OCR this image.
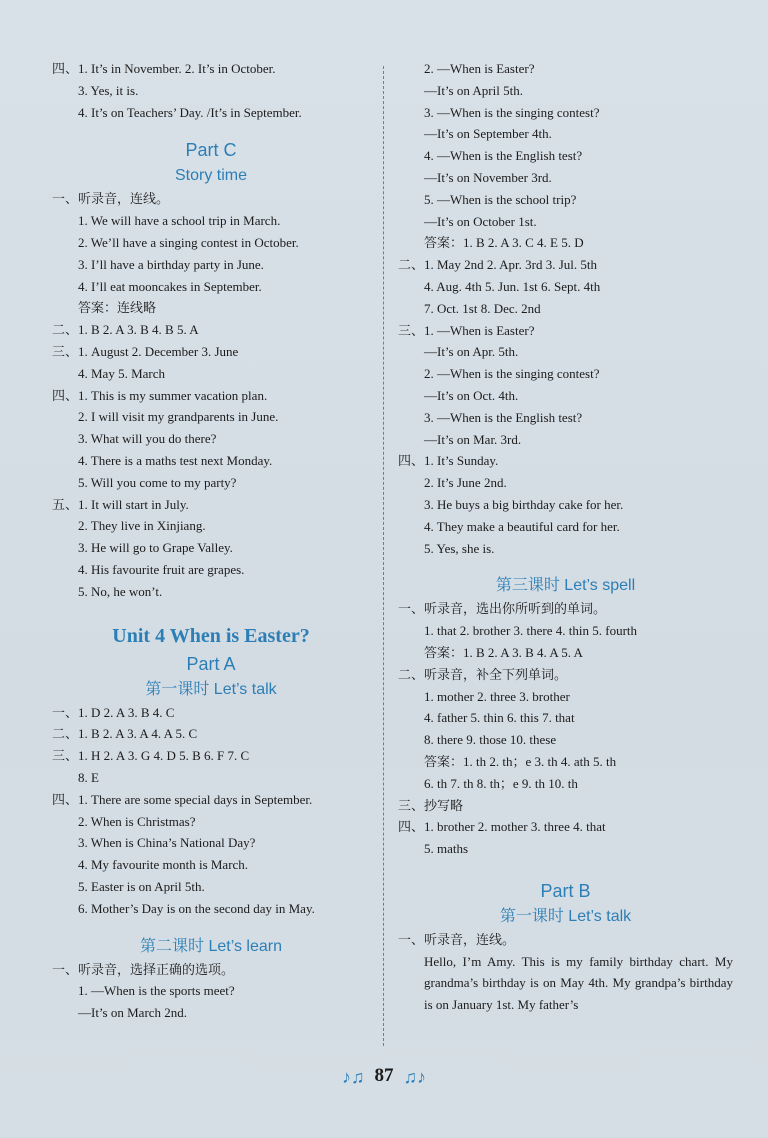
四、1. It’s in November. 2. It’s in October.
3. Yes, it is.
4. It’s on Teachers’ Day. /It’s in September.
Part C
Story time
一、听录音，连线。
1. We will have a school trip in March.
2. We’ll have a singing contest in October.
3. I’ll have a birthday party in June.
4. I’ll eat mooncakes in September.
答案：连线略
二、1. B 2. A 3. B 4. B 5. A
三、1. August 2. December 3. June
4. May 5. March
四、1. This is my summer vacation plan.
2. I will visit my grandparents in June.
3. What will you do there?
4. There is a maths test next Monday.
5. Will you come to my party?
五、1. It will start in July.
2. They live in Xinjiang.
3. He will go to Grape Valley.
4. His favourite fruit are grapes.
5. No, he won’t.
Unit 4 When is Easter?
Part A
第一课时 Let’s talk
一、1. D 2. A 3. B 4. C
二、1. B 2. A 3. A 4. A 5. C
三、1. H 2. A 3. G 4. D 5. B 6. F 7. C
8. E
四、1. There are some special days in September.
2. When is Christmas?
3. When is China’s National Day?
4. My favourite month is March.
5. Easter is on April 5th.
6. Mother’s Day is on the second day in May.
第二课时 Let’s learn
一、听录音，选择正确的选项。
1. —When is the sports meet?
—It’s on March 2nd.
2. —When is Easter?
—It’s on April 5th.
3. —When is the singing contest?
—It’s on September 4th.
4. —When is the English test?
—It’s on November 3rd.
5. —When is the school trip?
—It’s on October 1st.
答案：1. B 2. A 3. C 4. E 5. D
二、1. May 2nd 2. Apr. 3rd 3. Jul. 5th
4. Aug. 4th 5. Jun. 1st 6. Sept. 4th
7. Oct. 1st 8. Dec. 2nd
三、1. —When is Easter?
—It’s on Apr. 5th.
2. —When is the singing contest?
—It’s on Oct. 4th.
3. —When is the English test?
—It’s on Mar. 3rd.
四、1. It’s Sunday.
2. It’s June 2nd.
3. He buys a big birthday cake for her.
4. They make a beautiful card for her.
5. Yes, she is.
第三课时 Let’s spell
一、听录音，选出你所听到的单词。
1. that 2. brother 3. there 4. thin 5. fourth
答案：1. B 2. A 3. B 4. A 5. A
二、听录音，补全下列单词。
1. mother 2. three 3. brother
4. father 5. thin 6. this 7. that
8. there 9. those 10. these
答案：1. th 2. th；e 3. th 4. ath 5. th
6. th 7. th 8. th；e 9. th 10. th
三、抄写略
四、1. brother 2. mother 3. three 4. that
5. maths
Part B
第一课时 Let’s talk
一、听录音，连线。
Hello, I’m Amy. This is my family birthday chart. My grandma’s birthday is on May 4th. My grandpa’s birthday is on January 1st. My father’s
♪♫ 87 ♫♪
